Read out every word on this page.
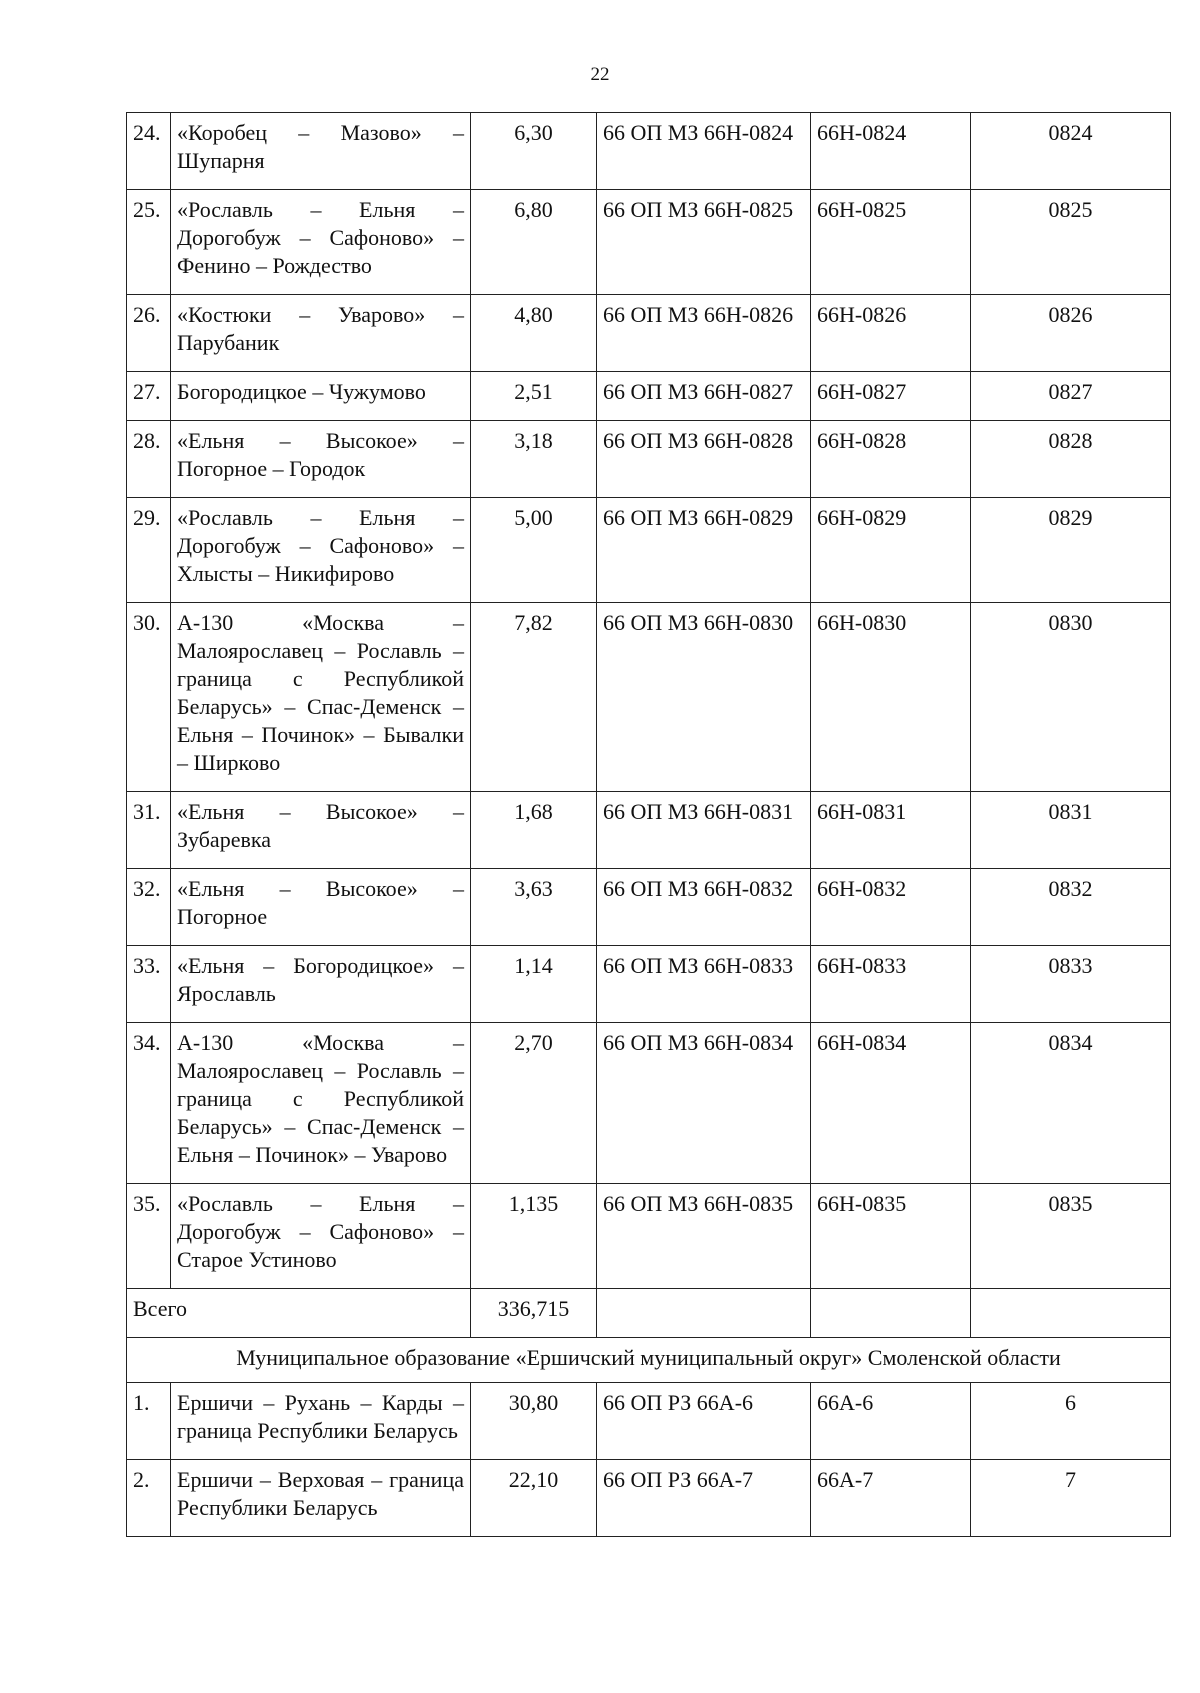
22
24.	«Коробец – Мазово» – Шупарня	6,30	66 ОП МЗ 66Н-0824	66Н-0824	0824
25.	«Рославль – Ельня – Дорогобуж – Сафоново» – Фенино – Рождество	6,80	66 ОП МЗ 66Н-0825	66Н-0825	0825
26.	«Костюки – Уварово» – Парубаник	4,80	66 ОП МЗ 66Н-0826	66Н-0826	0826
27.	Богородицкое – Чужумово	2,51	66 ОП МЗ 66Н-0827	66Н-0827	0827
28.	«Ельня – Высокое» – Погорное – Городок	3,18	66 ОП МЗ 66Н-0828	66Н-0828	0828
29.	«Рославль – Ельня – Дорогобуж – Сафоново» – Хлысты – Никифирово	5,00	66 ОП МЗ 66Н-0829	66Н-0829	0829
30.	А-130 «Москва – Малоярославец – Рославль – граница с Республикой Беларусь» – Спас-Деменск – Ельня – Починок» – Бывалки – Ширково	7,82	66 ОП МЗ 66Н-0830	66Н-0830	0830
31.	«Ельня – Высокое» – Зубаревка	1,68	66 ОП МЗ 66Н-0831	66Н-0831	0831
32.	«Ельня – Высокое» – Погорное	3,63	66 ОП МЗ 66Н-0832	66Н-0832	0832
33.	«Ельня – Богородицкое» – Ярославль	1,14	66 ОП МЗ 66Н-0833	66Н-0833	0833
34.	А-130 «Москва – Малоярославец – Рославль – граница с Республикой Беларусь» – Спас-Деменск – Ельня – Починок» – Уварово	2,70	66 ОП МЗ 66Н-0834	66Н-0834	0834
35.	«Рославль – Ельня – Дорогобуж – Сафоново» – Старое Устиново	1,135	66 ОП МЗ 66Н-0835	66Н-0835	0835
Всего		336,715			
Муниципальное образование «Ершичский муниципальный округ» Смоленской области					
1.	Ершичи – Рухань – Карды – граница Республики Беларусь	30,80	66 ОП РЗ 66А-6	66А-6	6
2.	Ершичи – Верховая – граница Республики Беларусь	22,10	66 ОП РЗ 66А-7	66А-7	7
